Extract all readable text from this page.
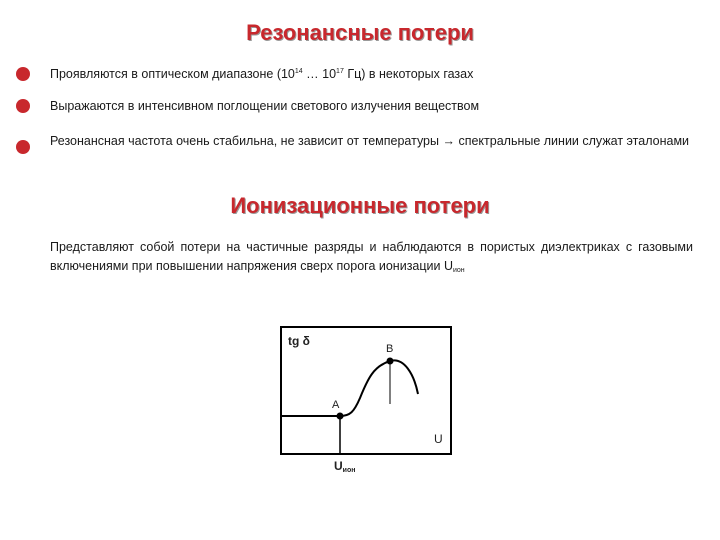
Резонансные потери
Проявляются в оптическом диапазоне ($10^{14}$ … $10^{17}$ Гц) в некоторых газах
Выражаются в интенсивном поглощении светового излучения веществом
Резонансная частота очень стабильна, не зависит от температуры → спектральные линии служат эталонами
Ионизационные потери
Представляют собой потери на частичные разряды и наблюдаются в пористых диэлектриках с газовыми включениями при повышении напряжения сверх порога ионизации $U_{ион}$
tg δ
U
A
B
Uион
